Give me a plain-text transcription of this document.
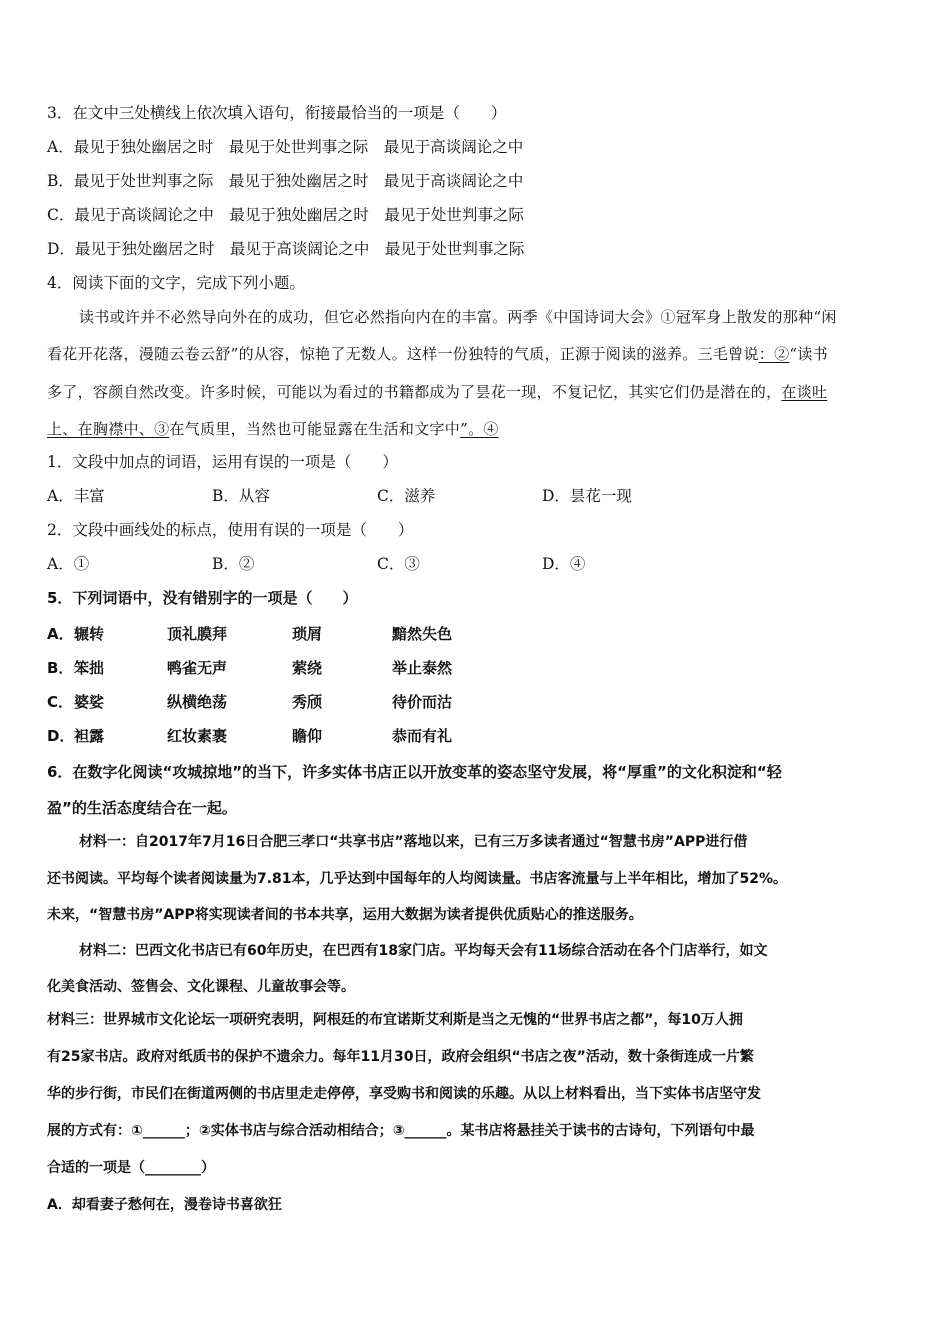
3．在文中三处横线上依次填入语句，衔接最恰当的一项是（　　）
A．最见于独处幽居之时　最见于处世判事之际　最见于高谈阔论之中
B．最见于处世判事之际　最见于独处幽居之时　最见于高谈阔论之中
C．最见于高谈阔论之中　最见于独处幽居之时　最见于处世判事之际
D．最见于独处幽居之时　最见于高谈阔论之中　最见于处世判事之际
4．阅读下面的文字，完成下列小题。
读书或许并不必然导向外在的成功，但它必然指向内在的丰富。两季《中国诗词大会》①冠军身上散发的那种“闲
看花开花落，漫随云卷云舒”的从容，惊艳了无数人。这样一份独特的气质，正源于阅读的滋养。三毛曾说：②“读书
多了，容颜自然改变。许多时候，可能以为看过的书籍都成为了昙花一现，不复记忆，其实它们仍是潜在的，在谈吐
上、在胸襟中、③在气质里，当然也可能显露在生活和文字中”。④
1．文段中加点的词语，运用有误的一项是（　　）
A．丰富	B．从容	C．滋养	D．昙花一现
2．文段中画线处的标点，使用有误的一项是（　　）
A．①	B．②	C．③	D．④
5．下列词语中，没有错别字的一项是（　　）
A． 辗转	顶礼膜拜	琐屑	黯然失色
B． 笨拙	鸭雀无声	萦绕	举止泰然
C． 婆娑	纵横绝荡	秀颀	待价而沽
D． 袒露	红妆素裹	瞻仰	恭而有礼
6．在数字化阅读“攻城掠地”的当下，许多实体书店正以开放变革的姿态坚守发展，将“厚重”的文化积淀和“轻
盈”的生活态度结合在一起。
材料一：自2017年7月16日合肥三孝口“共享书店”落地以来，已有三万多读者通过“智慧书房”APP进行借
还书阅读。平均每个读者阅读量为7.81本，几乎达到中国每年的人均阅读量。书店客流量与上半年相比，增加了52%。
未来，“智慧书房”APP将实现读者间的书本共享，运用大数据为读者提供优质贴心的推送服务。
材料二：巴西文化书店已有60年历史，在巴西有18家门店。平均每天会有11场综合活动在各个门店举行，如文
化美食活动、签售会、文化课程、儿童故事会等。
材料三：世界城市文化论坛一项研究表明，阿根廷的布宜诺斯艾利斯是当之无愧的“世界书店之都”，每10万人拥
有25家书店。政府对纸质书的保护不遗余力。每年11月30日，政府会组织“书店之夜”活动，数十条街连成一片繁
华的步行街，市民们在街道两侧的书店里走走停停，享受购书和阅读的乐趣。从以上材料看出，当下实体书店坚守发
展的方式有：①______；②实体书店与综合活动相结合；③______。某书店将悬挂关于读书的古诗句，下列语句中最
合适的一项是（________）
A．却看妻子愁何在，漫卷诗书喜欲狂
